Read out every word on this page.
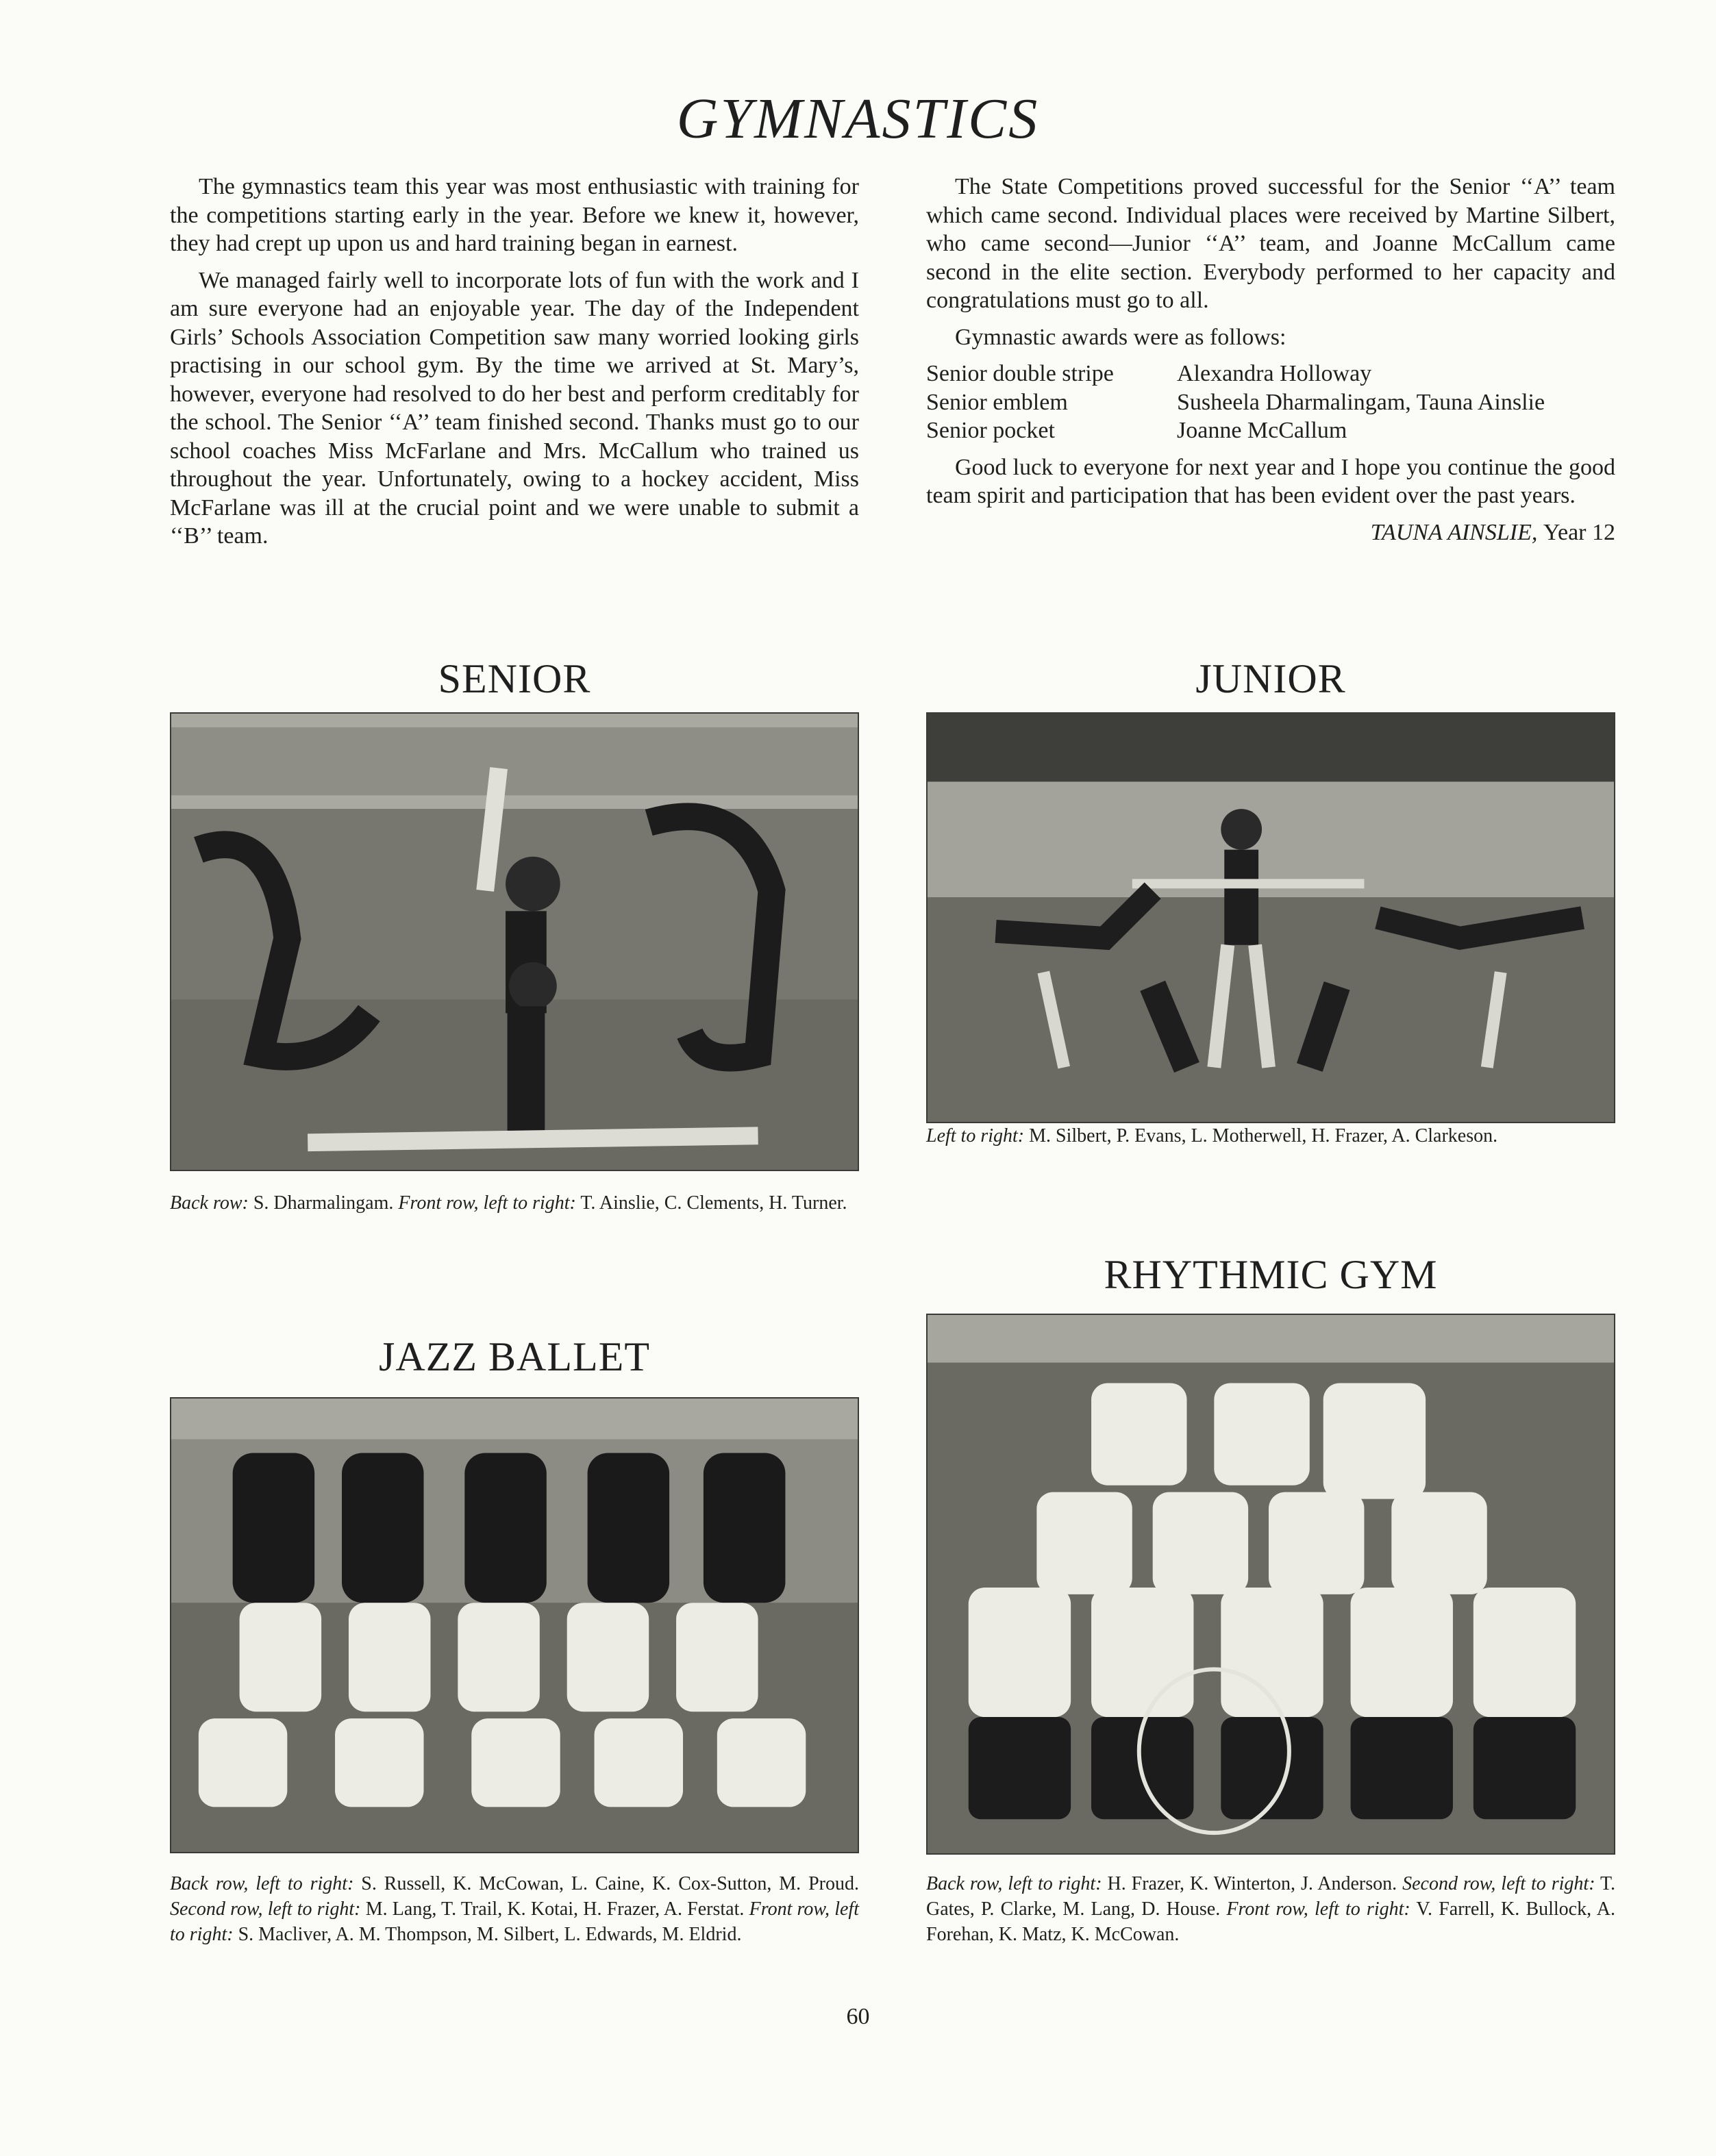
GYMNASTICS

The gymnastics team this year was most enthusiastic with training for the competitions starting early in the year. Before we knew it, however, they had crept up upon us and hard training began in earnest.

We managed fairly well to incorporate lots of fun with the work and I am sure everyone had an enjoyable year. The day of the Independent Girls’ Schools Association Competition saw many worried looking girls practising in our school gym. By the time we arrived at St. Mary’s, however, everyone had resolved to do her best and perform creditably for the school. The Senior ‘‘A’’ team finished second. Thanks must go to our school coaches Miss McFarlane and Mrs. McCallum who trained us throughout the year. Unfortunately, owing to a hockey accident, Miss McFarlane was ill at the crucial point and we were unable to submit a ‘‘B’’ team.

The State Competitions proved successful for the Senior ‘‘A’’ team which came second. Individual places were received by Martine Silbert, who came second—Junior ‘‘A’’ team, and Joanne McCallum came second in the elite section. Everybody performed to her capacity and congratulations must go to all.

Gymnastic awards were as follows:

Senior double stripe	Alexandra Holloway
Senior emblem	Susheela Dharmalingam, Tauna Ainslie
Senior pocket	Joanne McCallum

Good luck to everyone for next year and I hope you continue the good team spirit and participation that has been evident over the past years.

TAUNA AINSLIE, Year 12
SENIOR
Back row: S. Dharmalingam. Front row, left to right: T. Ainslie, C. Clements, H. Turner.
JUNIOR
Left to right: M. Silbert, P. Evans, L. Motherwell, H. Frazer, A. Clarkeson.
JAZZ BALLET
Back row, left to right: S. Russell, K. McCowan, L. Caine, K. Cox-Sutton, M. Proud. Second row, left to right: M. Lang, T. Trail, K. Kotai, H. Frazer, A. Ferstat. Front row, left to right: S. Macliver, A. M. Thompson, M. Silbert, L. Edwards, M. Eldrid.
RHYTHMIC GYM
Back row, left to right: H. Frazer, K. Winterton, J. Anderson. Second row, left to right: T. Gates, P. Clarke, M. Lang, D. House. Front row, left to right: V. Farrell, K. Bullock, A. Forehan, K. Matz, K. McCowan.
60
